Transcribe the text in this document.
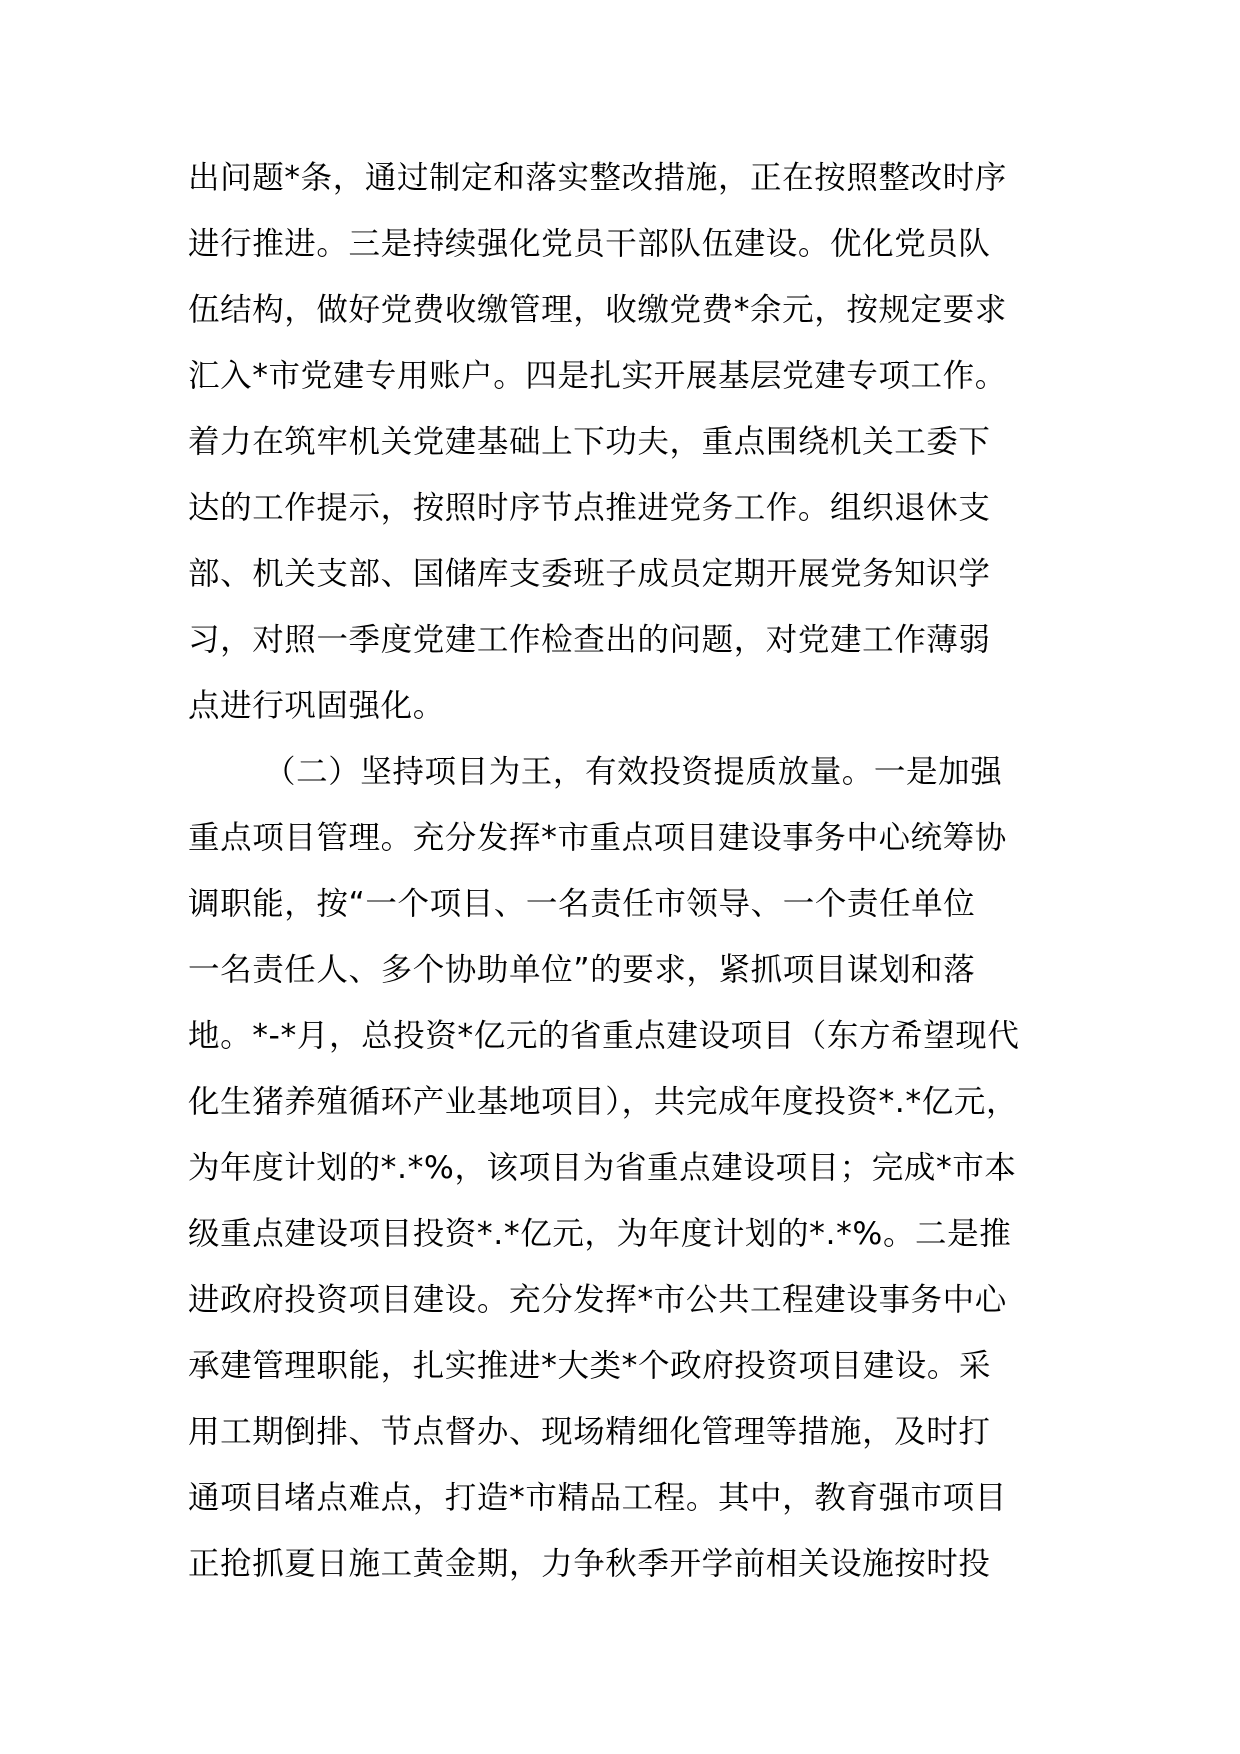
出问题*条，通过制定和落实整改措施，正在按照整改时序
进行推进。三是持续强化党员干部队伍建设。优化党员队
伍结构，做好党费收缴管理，收缴党费*余元，按规定要求
汇入*市党建专用账户。四是扎实开展基层党建专项工作。
着力在筑牢机关党建基础上下功夫，重点围绕机关工委下
达的工作提示，按照时序节点推进党务工作。组织退休支
部、机关支部、国储库支委班子成员定期开展党务知识学
习，对照一季度党建工作检查出的问题，对党建工作薄弱
点进行巩固强化。
（二）坚持项目为王，有效投资提质放量。一是加强
重点项目管理。充分发挥*市重点项目建设事务中心统筹协
调职能，按“一个项目、一名责任市领导、一个责任单位
一名责任人、多个协助单位”的要求，紧抓项目谋划和落
地。*-*月，总投资*亿元的省重点建设项目（东方希望现代
化生猪养殖循环产业基地项目），共完成年度投资*.*亿元，
为年度计划的*.*%，该项目为省重点建设项目；完成*市本
级重点建设项目投资*.*亿元，为年度计划的*.*%。二是推
进政府投资项目建设。充分发挥*市公共工程建设事务中心
承建管理职能，扎实推进*大类*个政府投资项目建设。采
用工期倒排、节点督办、现场精细化管理等措施，及时打
通项目堵点难点，打造*市精品工程。其中，教育强市项目
正抢抓夏日施工黄金期，力争秋季开学前相关设施按时投
